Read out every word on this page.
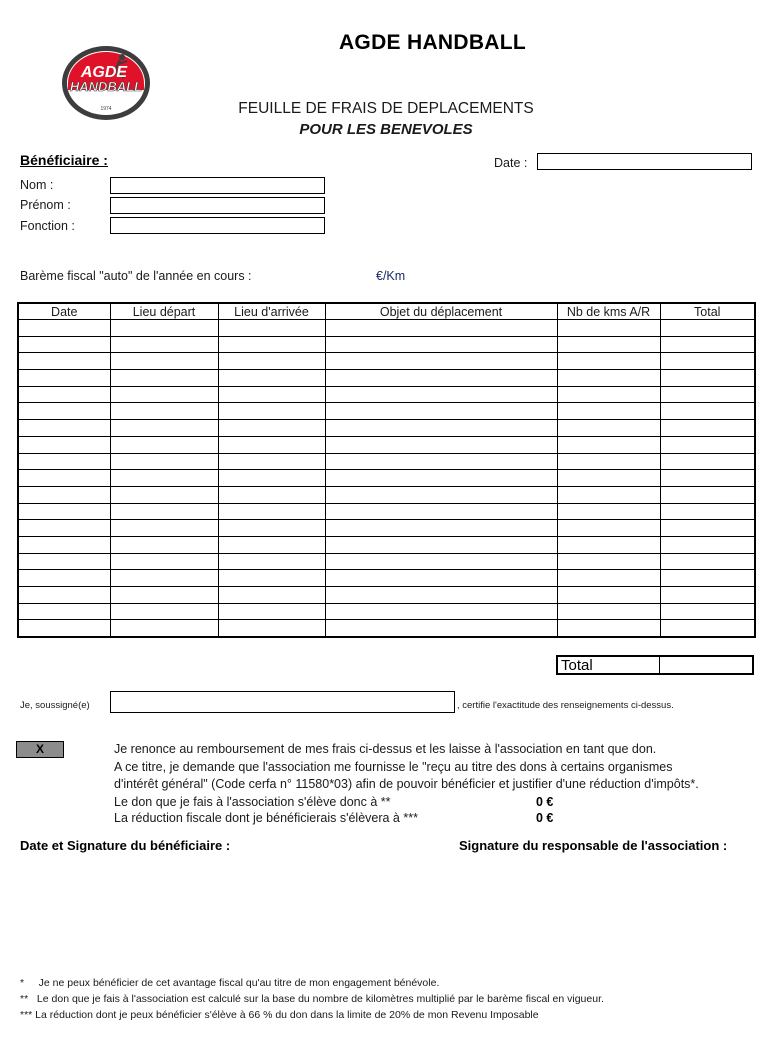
AGDE
HANDBALL
1974
AGDE HANDBALL
FEUILLE DE FRAIS DE DEPLACEMENTS
POUR LES BENEVOLES
Bénéficiaire :	Date :
Nom :
Prénom :
Fonction :
Barème fiscal "auto" de l'année en cours :	€/Km
Date	Lieu départ	Lieu d'arrivée	Objet du déplacement	Nb de kms A/R	Total

Total
Je, soussigné(e)	, certifie l'exactitude des renseignements ci-dessus.
X	Je renonce au remboursement de mes frais ci-dessus et les laisse à l'association en tant que don.
A ce titre, je demande que l'association me fournisse le "reçu au titre des dons à certains organismes
d'intérêt général" (Code cerfa n° 11580*03) afin de pouvoir bénéficier et justifier d'une réduction d'impôts*.
Le don que je fais à l'association s'élève donc à **	0 €
La réduction fiscale dont je bénéficierais s'élèvera à ***	0 €
Date et Signature du bénéficiaire :	Signature du responsable de l'association :
*     Je ne peux bénéficier de cet avantage fiscal qu'au titre de mon engagement bénévole.
**   Le don que je fais à l'association est calculé sur la base du nombre de kilomètres multiplié par le barème fiscal en vigueur.
*** La réduction dont je peux bénéficier s'élève à 66 % du don dans la limite de 20% de mon Revenu Imposable
